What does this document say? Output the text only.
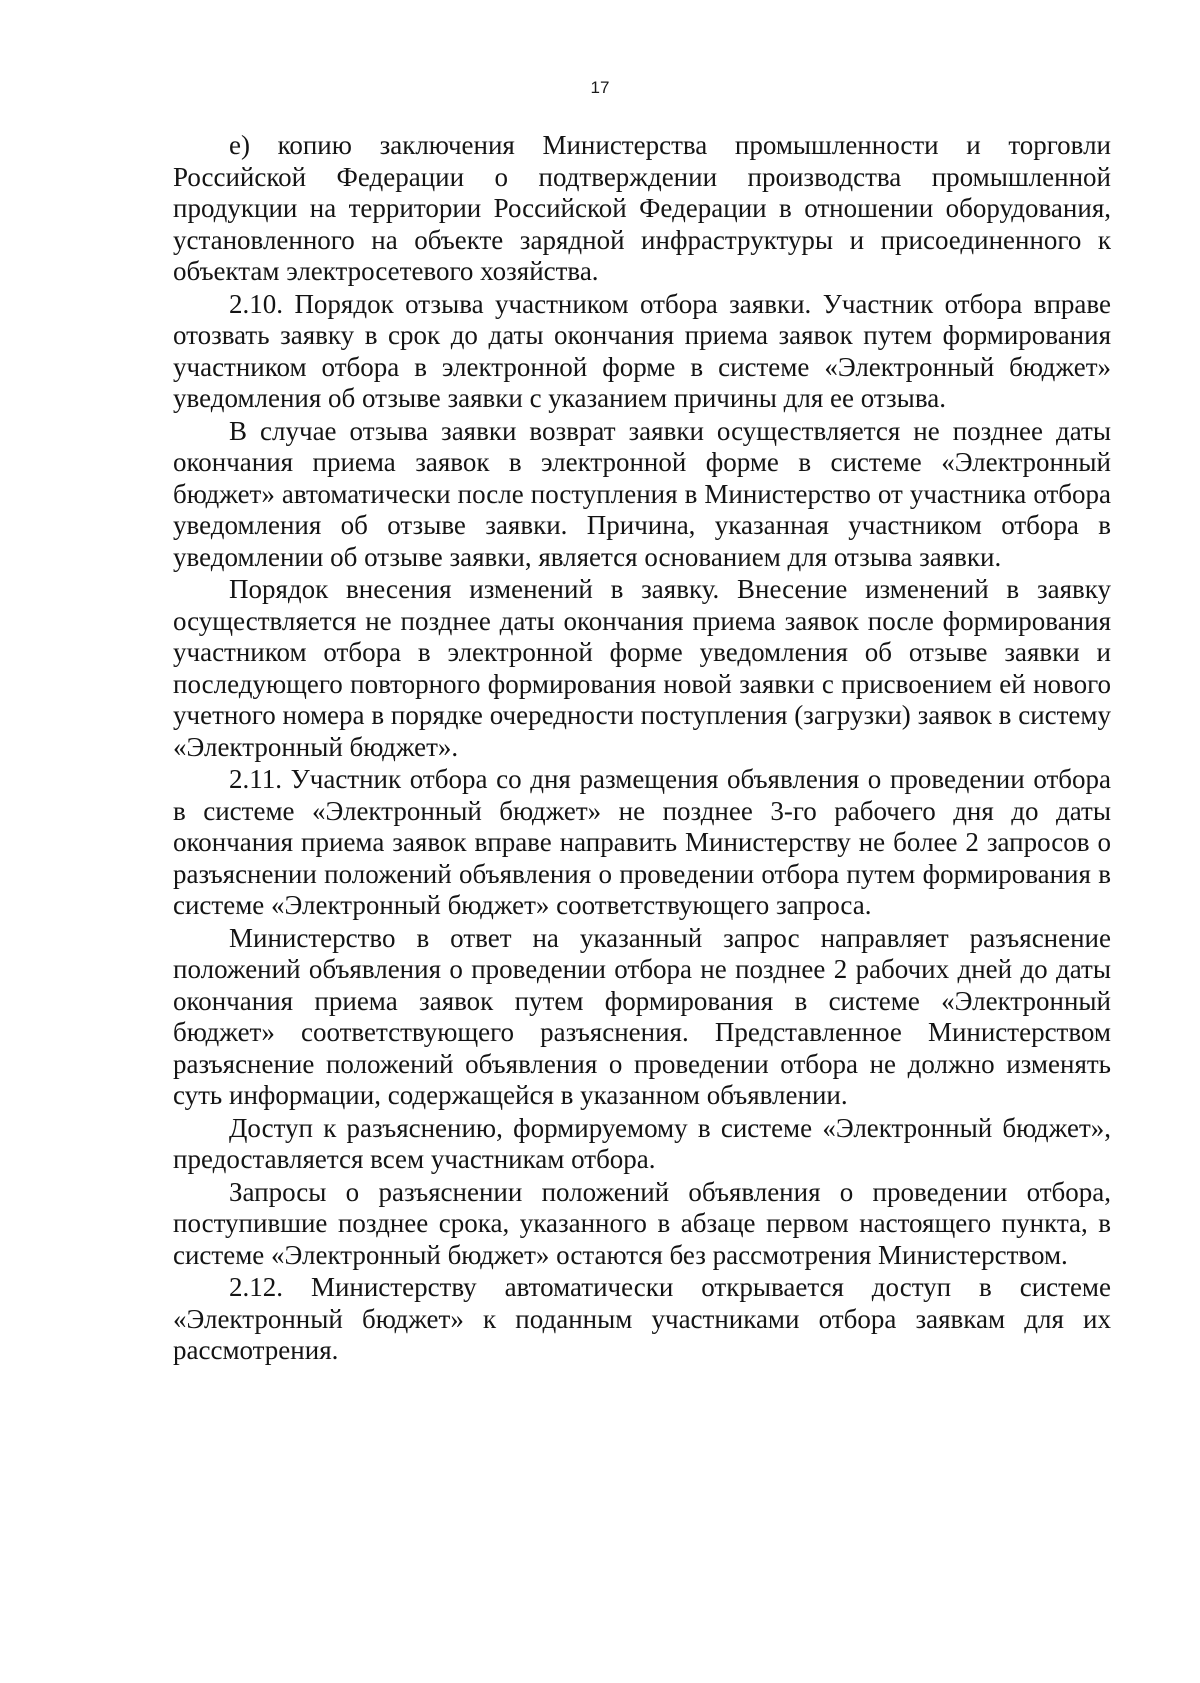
17

е) копию заключения Министерства промышленности и торговли Российской Федерации о подтверждении производства промышленной продукции на территории Российской Федерации в отношении оборудования, установленного на объекте зарядной инфраструктуры и присоединенного к объектам электросетевого хозяйства.

2.10. Порядок отзыва участником отбора заявки. Участник отбора вправе отозвать заявку в срок до даты окончания приема заявок путем формирования участником отбора в электронной форме в системе «Электронный бюджет» уведомления об отзыве заявки с указанием причины для ее отзыва.

В случае отзыва заявки возврат заявки осуществляется не позднее даты окончания приема заявок в электронной форме в системе «Электронный бюджет» автоматически после поступления в Министерство от участника отбора уведомления об отзыве заявки. Причина, указанная участником отбора в уведомлении об отзыве заявки, является основанием для отзыва заявки.

Порядок внесения изменений в заявку. Внесение изменений в заявку осуществляется не позднее даты окончания приема заявок после формирования участником отбора в электронной форме уведомления об отзыве заявки и последующего повторного формирования новой заявки с присвоением ей нового учетного номера в порядке очередности поступления (загрузки) заявок в систему «Электронный бюджет».

2.11. Участник отбора со дня размещения объявления о проведении отбора в системе «Электронный бюджет» не позднее 3-го рабочего дня до даты окончания приема заявок вправе направить Министерству не более 2 запросов о разъяснении положений объявления о проведении отбора путем формирования в системе «Электронный бюджет» соответствующего запроса.

Министерство в ответ на указанный запрос направляет разъяснение положений объявления о проведении отбора не позднее 2 рабочих дней до даты окончания приема заявок путем формирования в системе «Электронный бюджет» соответствующего разъяснения. Представленное Министерством разъяснение положений объявления о проведении отбора не должно изменять суть информации, содержащейся в указанном объявлении.

Доступ к разъяснению, формируемому в системе «Электронный бюджет», предоставляется всем участникам отбора.

Запросы о разъяснении положений объявления о проведении отбора, поступившие позднее срока, указанного в абзаце первом настоящего пункта, в системе «Электронный бюджет» остаются без рассмотрения Министерством.

2.12. Министерству автоматически открывается доступ в системе «Электронный бюджет» к поданным участниками отбора заявкам для их рассмотрения.
